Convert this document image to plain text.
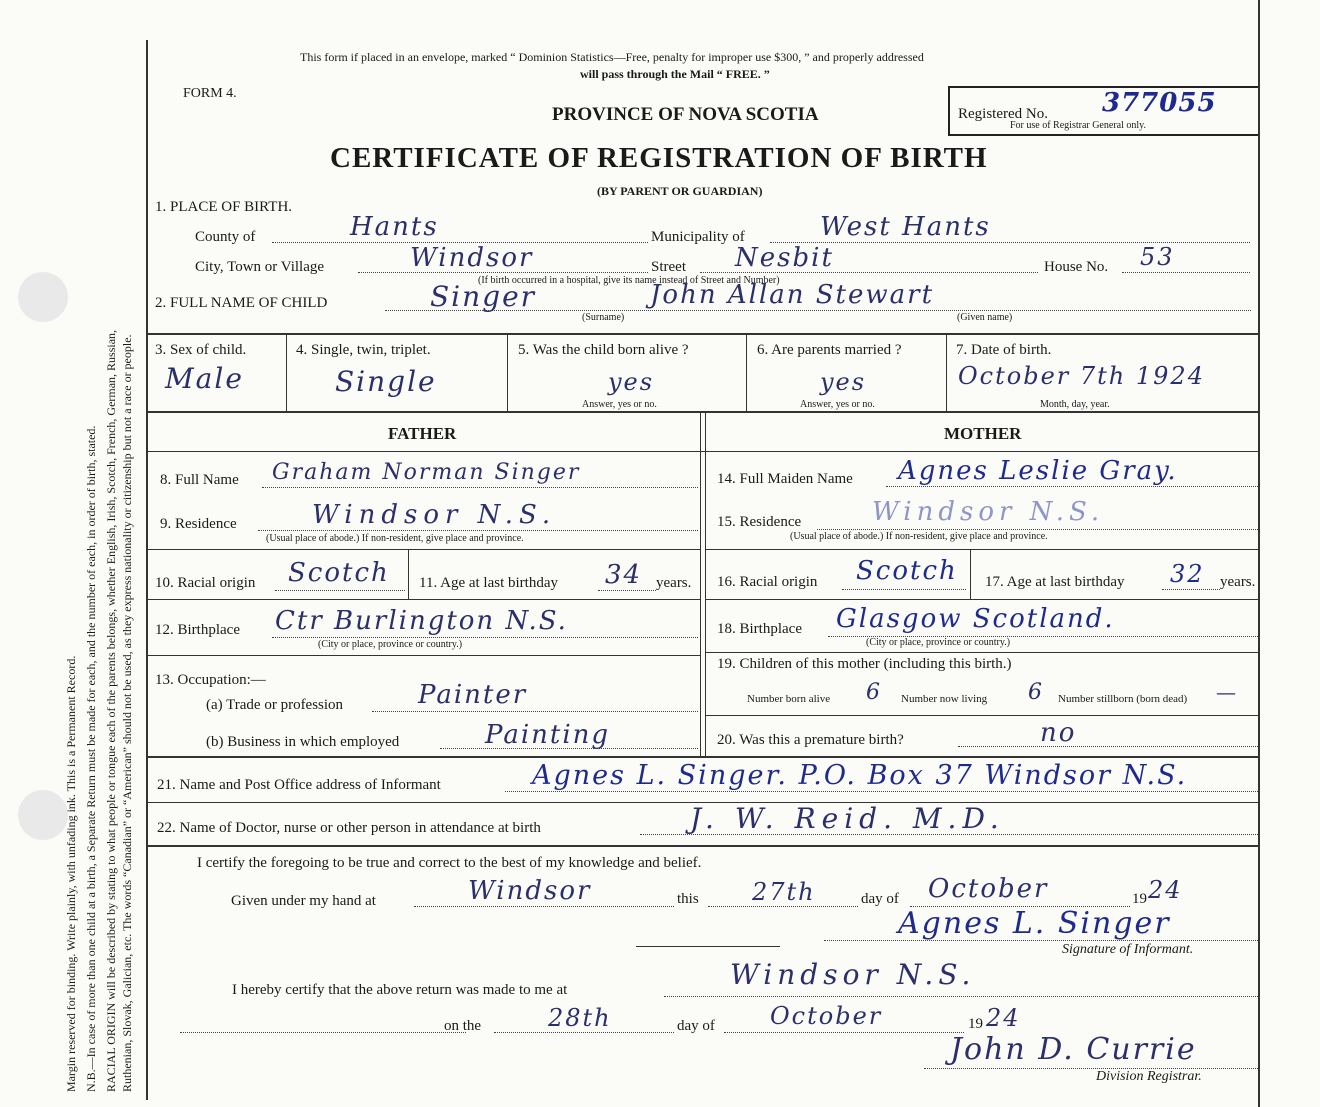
Margin reserved for binding. Write plainly, with unfading ink. This is a Permanent Record. N.B.—In case of more than one child at a birth, a Separate Return must be made for each, and the number of each, in order of birth, stated. RACIAL ORIGIN will be described by stating to what people or tongue each of the parents belongs, whether English, Irish, Scotch, French, German, Russian, Ruthenian, Slovak, Galician, etc. The words “Canadian” or “American” should not be used, as they express nationality or citizenship but not a race or people.
This form if placed in an envelope, marked “ Dominion Statistics—Free, penalty for improper use $300, ” and properly addressed
will pass through the Mail “ FREE. ”
FORM 4.
PROVINCE OF NOVA SCOTIA	Registered No. 377055
For use of Registrar General only.
CERTIFICATE OF REGISTRATION OF BIRTH
(BY PARENT OR GUARDIAN)
1. PLACE OF BIRTH.
County of	Hants	Municipality of	West Hants
City, Town or Village	Windsor	Street Nesbit	House No. 53
(If birth occurred in a hospital, give its name instead of Street and Number)
2. FULL NAME OF CHILD	Singer
(Surname)
John Allan Stewart
(Given name)
3. Sex of child.
Male
4. Single, twin, triplet.
Single
5. Was the child born alive ?
yes
Answer, yes or no.
6. Are parents married ?
yes
Answer, yes or no.
7. Date of birth.
October 7th 1924
Month, day, year.
FATHER	MOTHER
8. Full Name Graham Norman Singer
9. Residence	Windsor N.S.
(Usual place of abode.) If non-resident, give place and province.
10. Racial origin Scotch 11. Age at last birthday 34 years.
12. Birthplace Ctr Burlington N.S.
(City or place, province or country.)
13. Occupation:—
(a) Trade or profession	Painter
(b) Business in which employed	Painting
14. Full Maiden Name Agnes Leslie Gray.
15. Residence	Windsor N.S.
(Usual place of abode.) If non-resident, give place and province.
16. Racial origin Scotch 17. Age at last birthday 32 years.
18. Birthplace Glasgow Scotland.
(City or place, province or country.)
19. Children of this mother (including this birth.)
Number born alive 6 Number now living 6 Number stillborn (born dead) —
20. Was this a premature birth?	no
21. Name and Post Office address of Informant	Agnes L. Singer. P.O. Box 37 Windsor N.S.
22. Name of Doctor, nurse or other person in attendance at birth	J. W. Reid. M.D.
I certify the foregoing to be true and correct to the best of my knowledge and belief.
Given under my hand at	Windsor	this 27th	day of October	19 24
Agnes L. Singer
Signature of Informant.
I hereby certify that the above return was made to me at	Windsor N.S.
on the	28th	day of October	19 24
John D. Currie
Division Registrar.
